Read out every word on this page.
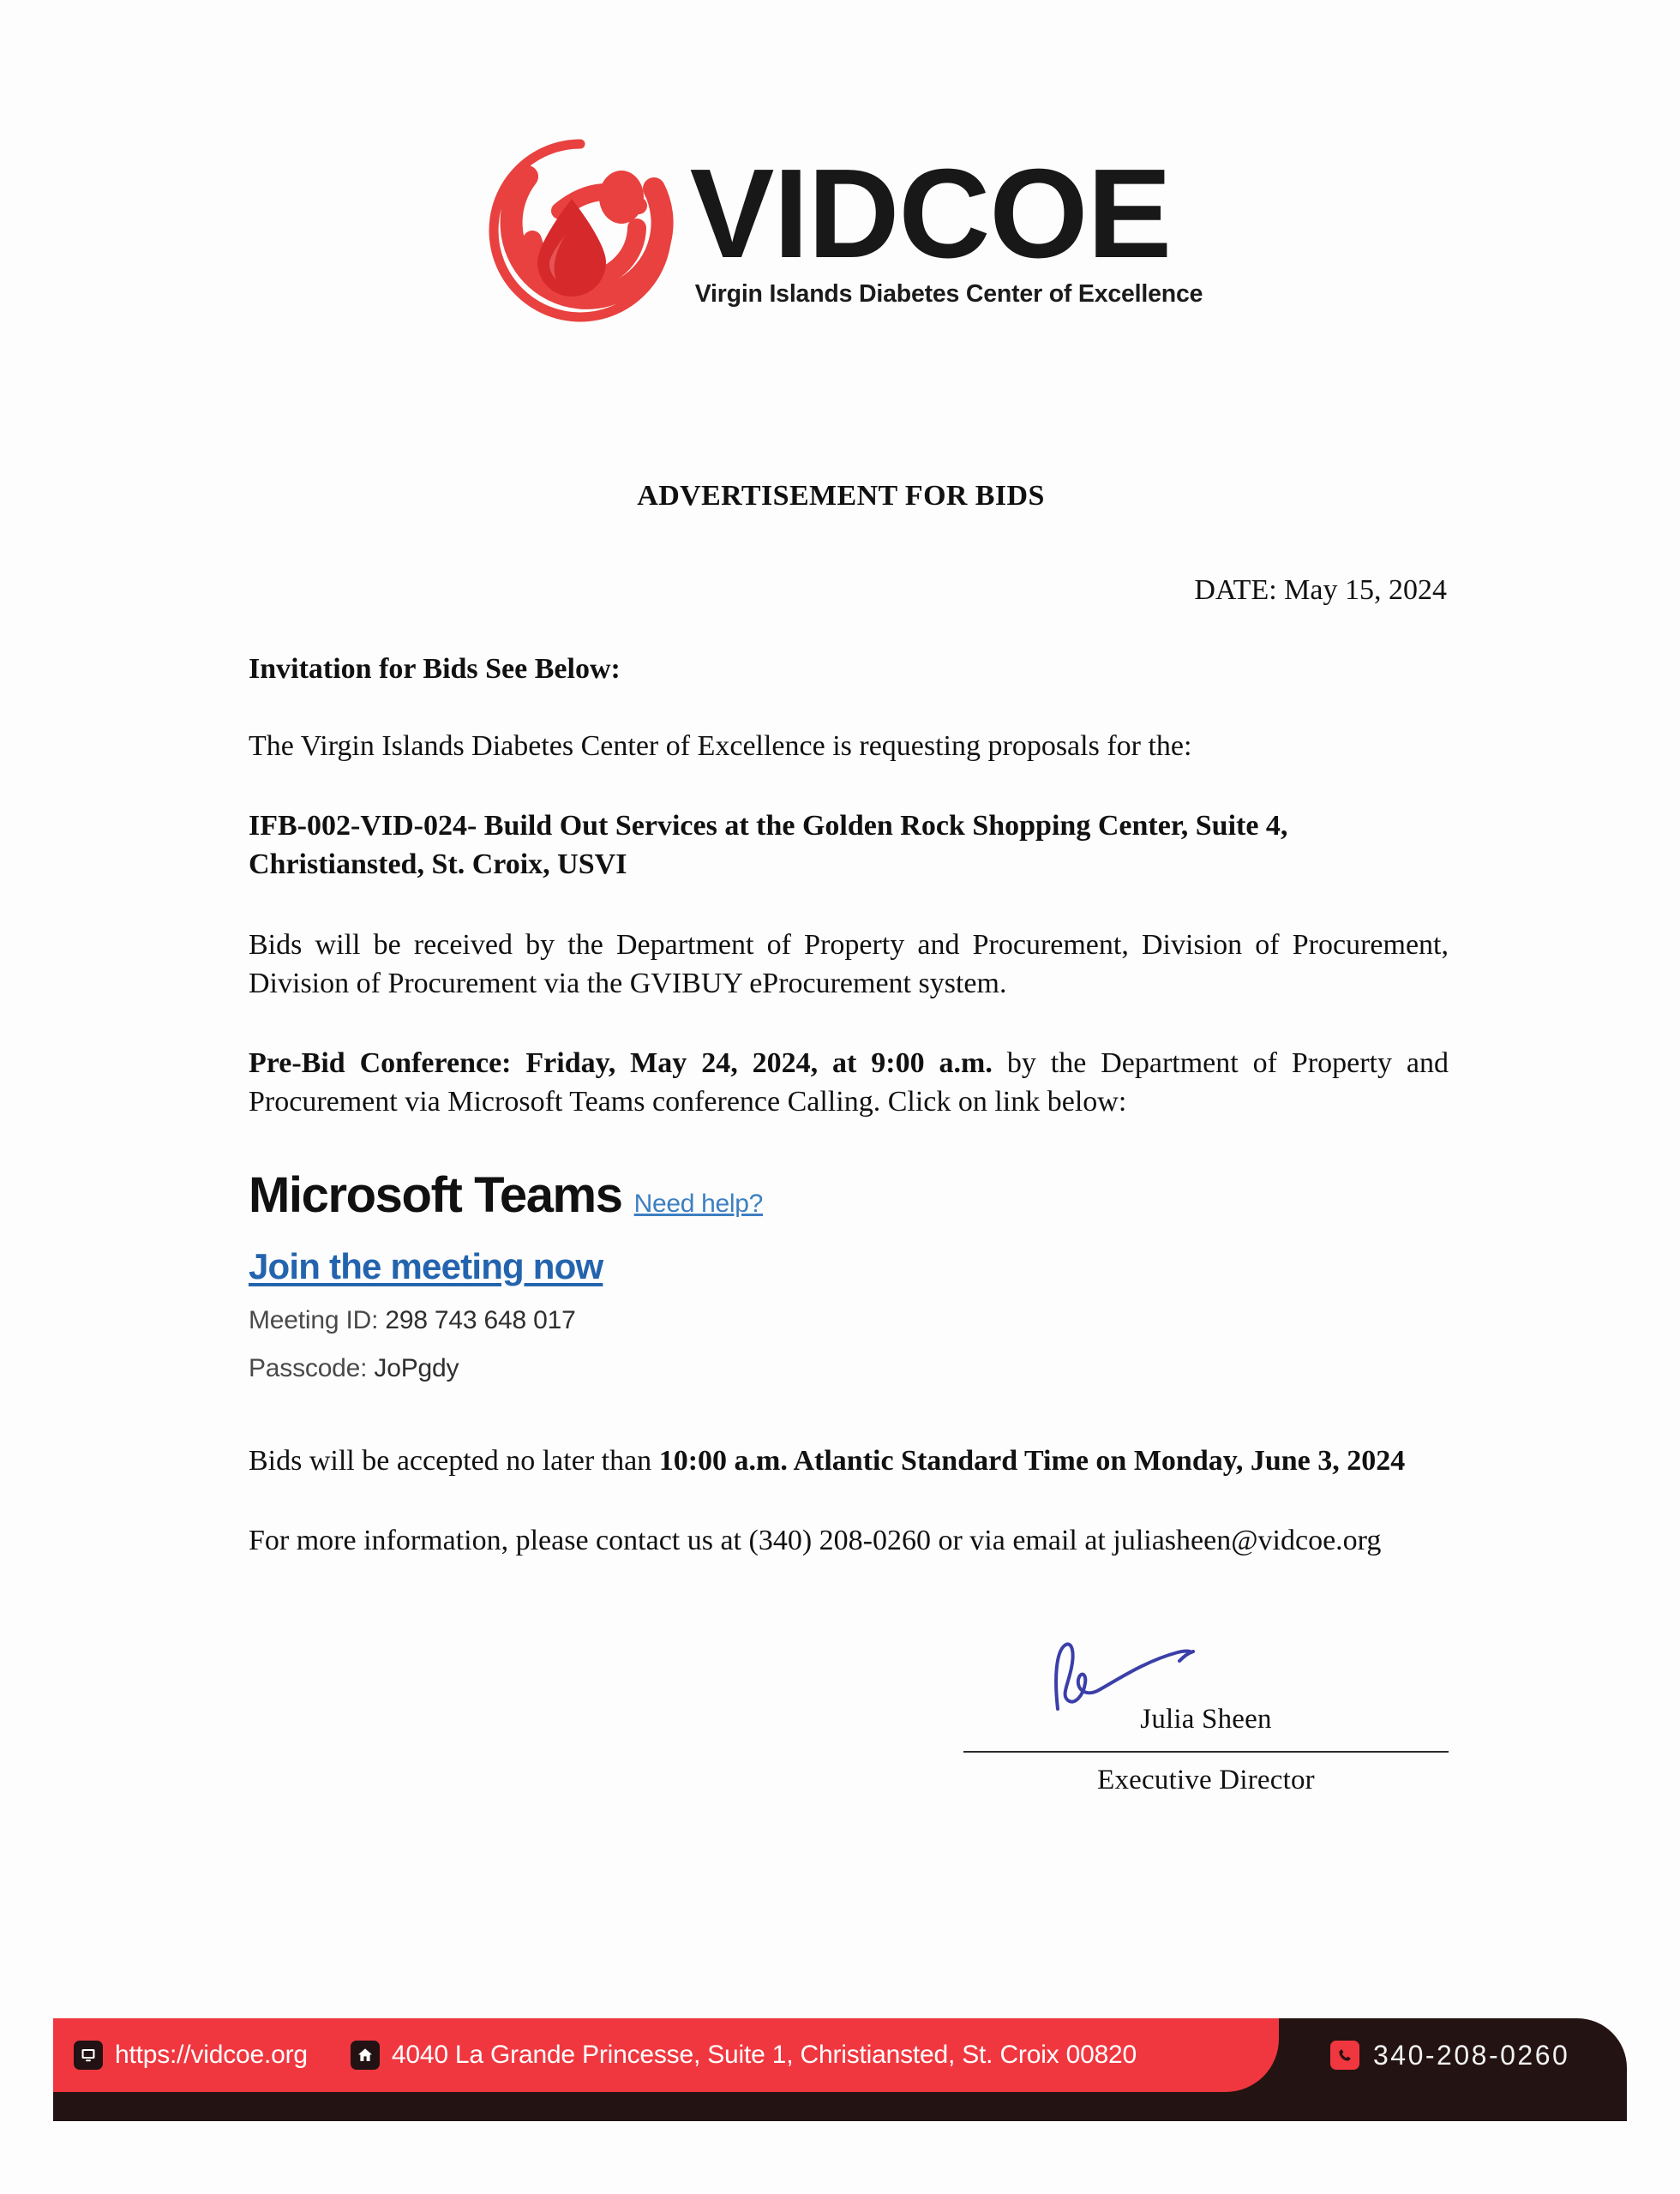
VIDCOE
Virgin Islands Diabetes Center of Excellence
ADVERTISEMENT FOR BIDS
DATE: May 15, 2024
Invitation for Bids See Below:
The Virgin Islands Diabetes Center of Excellence is requesting proposals for the:
IFB-002-VID-024- Build Out Services at the Golden Rock Shopping Center, Suite 4, Christiansted, St. Croix, USVI
Bids will be received by the Department of Property and Procurement, Division of Procurement, Division of Procurement via the GVIBUY eProcurement system.
Pre-Bid Conference: Friday, May 24, 2024, at 9:00 a.m. by the Department of Property and Procurement via Microsoft Teams conference Calling. Click on link below:
Microsoft Teams Need help?
Join the meeting now
Meeting ID: 298 743 648 017
Passcode: JoPgdy
Bids will be accepted no later than 10:00 a.m. Atlantic Standard Time on Monday, June 3, 2024
For more information, please contact us at (340) 208-0260 or via email at juliasheen@vidcoe.org
Julia Sheen
Executive Director
https://vidcoe.org	4040 La Grande Princesse, Suite 1, Christiansted, St. Croix 00820	340-208-0260
